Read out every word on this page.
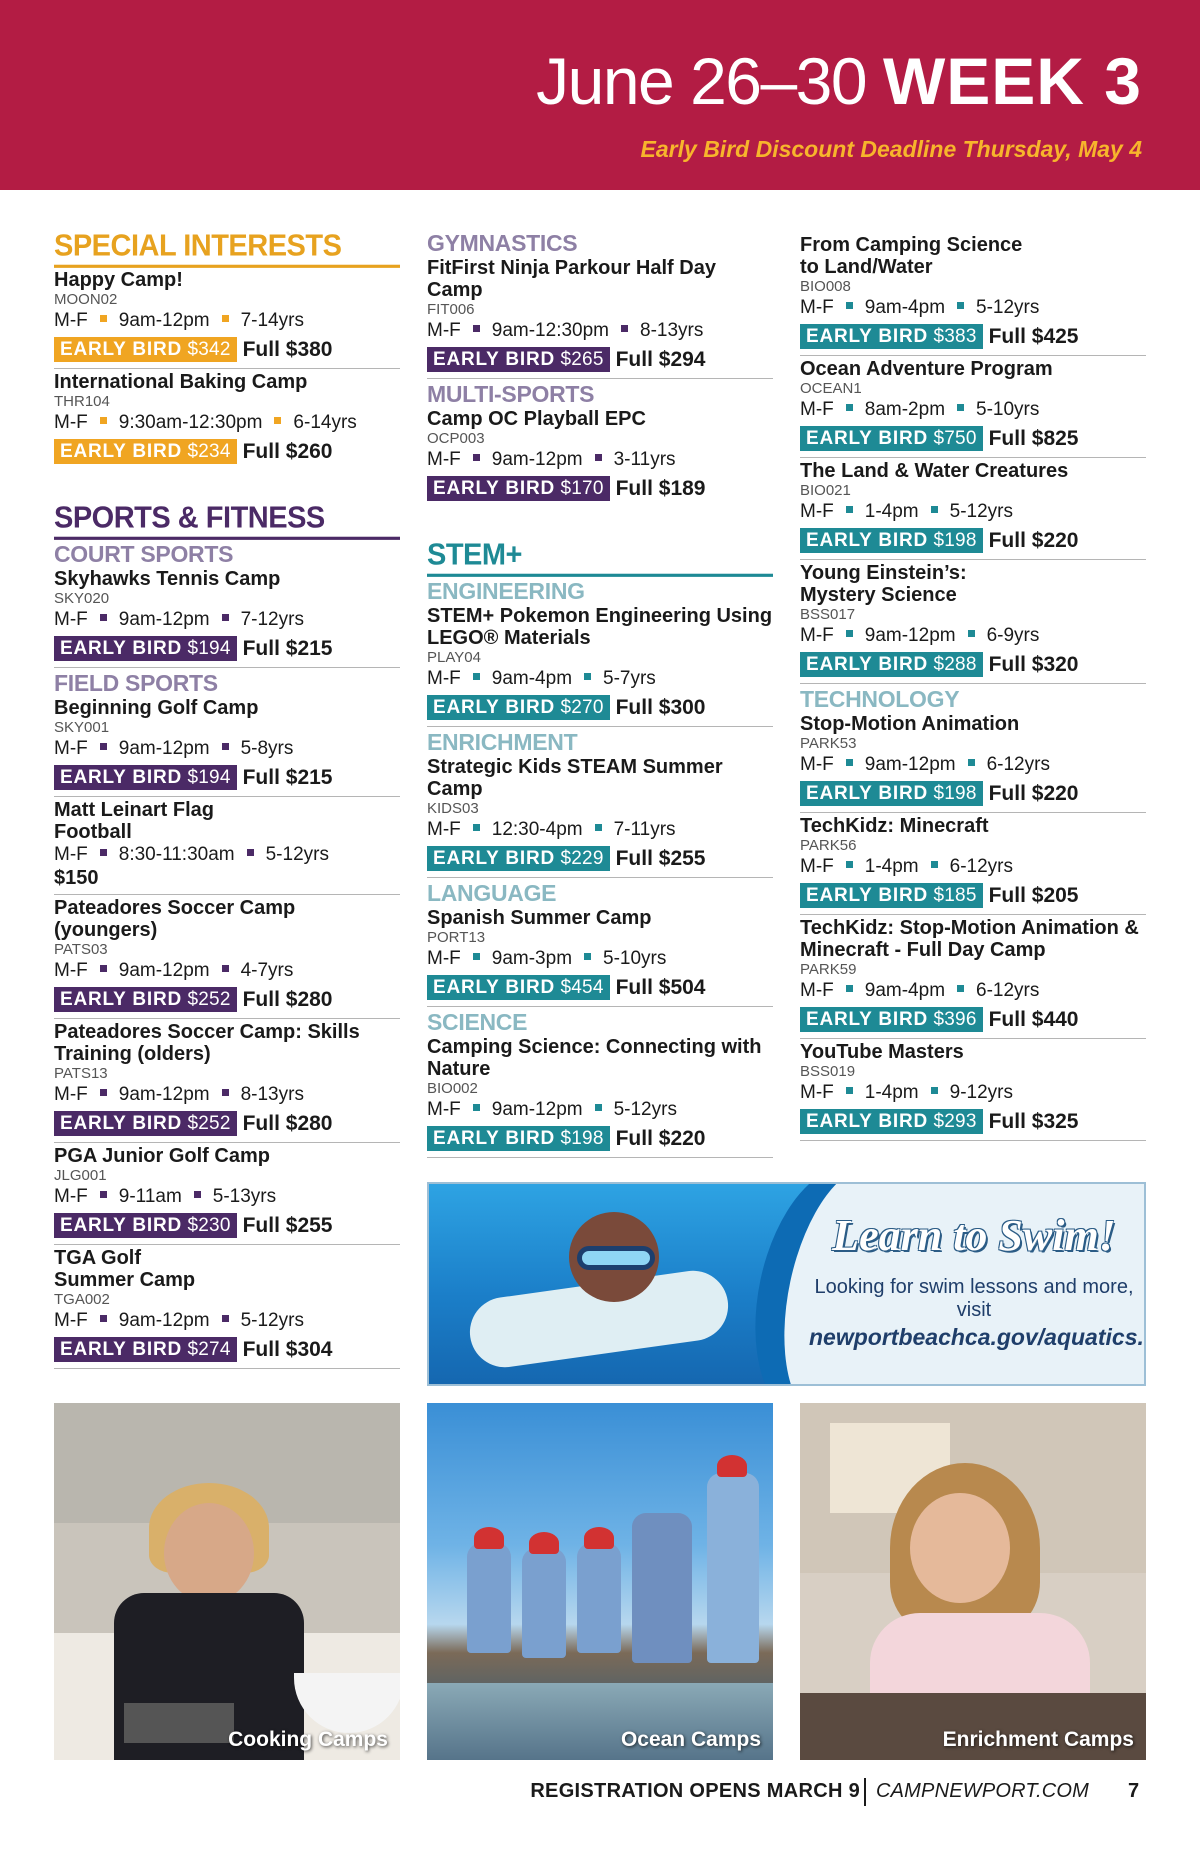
June 26–30 WEEK 3
Early Bird Discount Deadline Thursday, May 4
SPECIAL INTERESTS
Happy Camp!
MOON02
M-F 9am-12pm 7-14yrs
EARLY BIRD $342 Full $380
International Baking Camp
THR104
M-F 9:30am-12:30pm 6-14yrs
EARLY BIRD $234 Full $260
SPORTS & FITNESS
COURT SPORTS
Skyhawks Tennis Camp
SKY020
M-F 9am-12pm 7-12yrs
EARLY BIRD $194 Full $215
FIELD SPORTS
Beginning Golf Camp
SKY001
M-F 9am-12pm 5-8yrs
EARLY BIRD $194 Full $215
Matt Leinart Flag Football
M-F 8:30-11:30am 5-12yrs
$150
Pateadores Soccer Camp (youngers)
PATS03
M-F 9am-12pm 4-7yrs
EARLY BIRD $252 Full $280
Pateadores Soccer Camp: Skills Training (olders)
PATS13
M-F 9am-12pm 8-13yrs
EARLY BIRD $252 Full $280
PGA Junior Golf Camp
JLG001
M-F 9-11am 5-13yrs
EARLY BIRD $230 Full $255
TGA Golf Summer Camp
TGA002
M-F 9am-12pm 5-12yrs
EARLY BIRD $274 Full $304
GYMNASTICS
FitFirst Ninja Parkour Half Day Camp
FIT006
M-F 9am-12:30pm 8-13yrs
EARLY BIRD $265 Full $294
MULTI-SPORTS
Camp OC Playball EPC
OCP003
M-F 9am-12pm 3-11yrs
EARLY BIRD $170 Full $189
STEM+
ENGINEERING
STEM+ Pokemon Engineering Using LEGO® Materials
PLAY04
M-F 9am-4pm 5-7yrs
EARLY BIRD $270 Full $300
ENRICHMENT
Strategic Kids STEAM Summer Camp
KIDS03
M-F 12:30-4pm 7-11yrs
EARLY BIRD $229 Full $255
LANGUAGE
Spanish Summer Camp
PORT13
M-F 9am-3pm 5-10yrs
EARLY BIRD $454 Full $504
SCIENCE
Camping Science: Connecting with Nature
BIO002
M-F 9am-12pm 5-12yrs
EARLY BIRD $198 Full $220
From Camping Science to Land/Water
BIO008
M-F 9am-4pm 5-12yrs
EARLY BIRD $383 Full $425
Ocean Adventure Program
OCEAN1
M-F 8am-2pm 5-10yrs
EARLY BIRD $750 Full $825
The Land & Water Creatures
BIO021
M-F 1-4pm 5-12yrs
EARLY BIRD $198 Full $220
Young Einstein’s: Mystery Science
BSS017
M-F 9am-12pm 6-9yrs
EARLY BIRD $288 Full $320
TECHNOLOGY
Stop-Motion Animation
PARK53
M-F 9am-12pm 6-12yrs
EARLY BIRD $198 Full $220
TechKidz: Minecraft
PARK56
M-F 1-4pm 6-12yrs
EARLY BIRD $185 Full $205
TechKidz: Stop-Motion Animation & Minecraft - Full Day Camp
PARK59
M-F 9am-4pm 6-12yrs
EARLY BIRD $396 Full $440
YouTube Masters
BSS019
M-F 1-4pm 9-12yrs
EARLY BIRD $293 Full $325
Learn to Swim!
Looking for swim lessons and more, visit
newportbeachca.gov/aquatics.
Cooking Camps	Ocean Camps	Enrichment Camps
REGISTRATION OPENS MARCH 9 CAMPNEWPORT.COM 7
